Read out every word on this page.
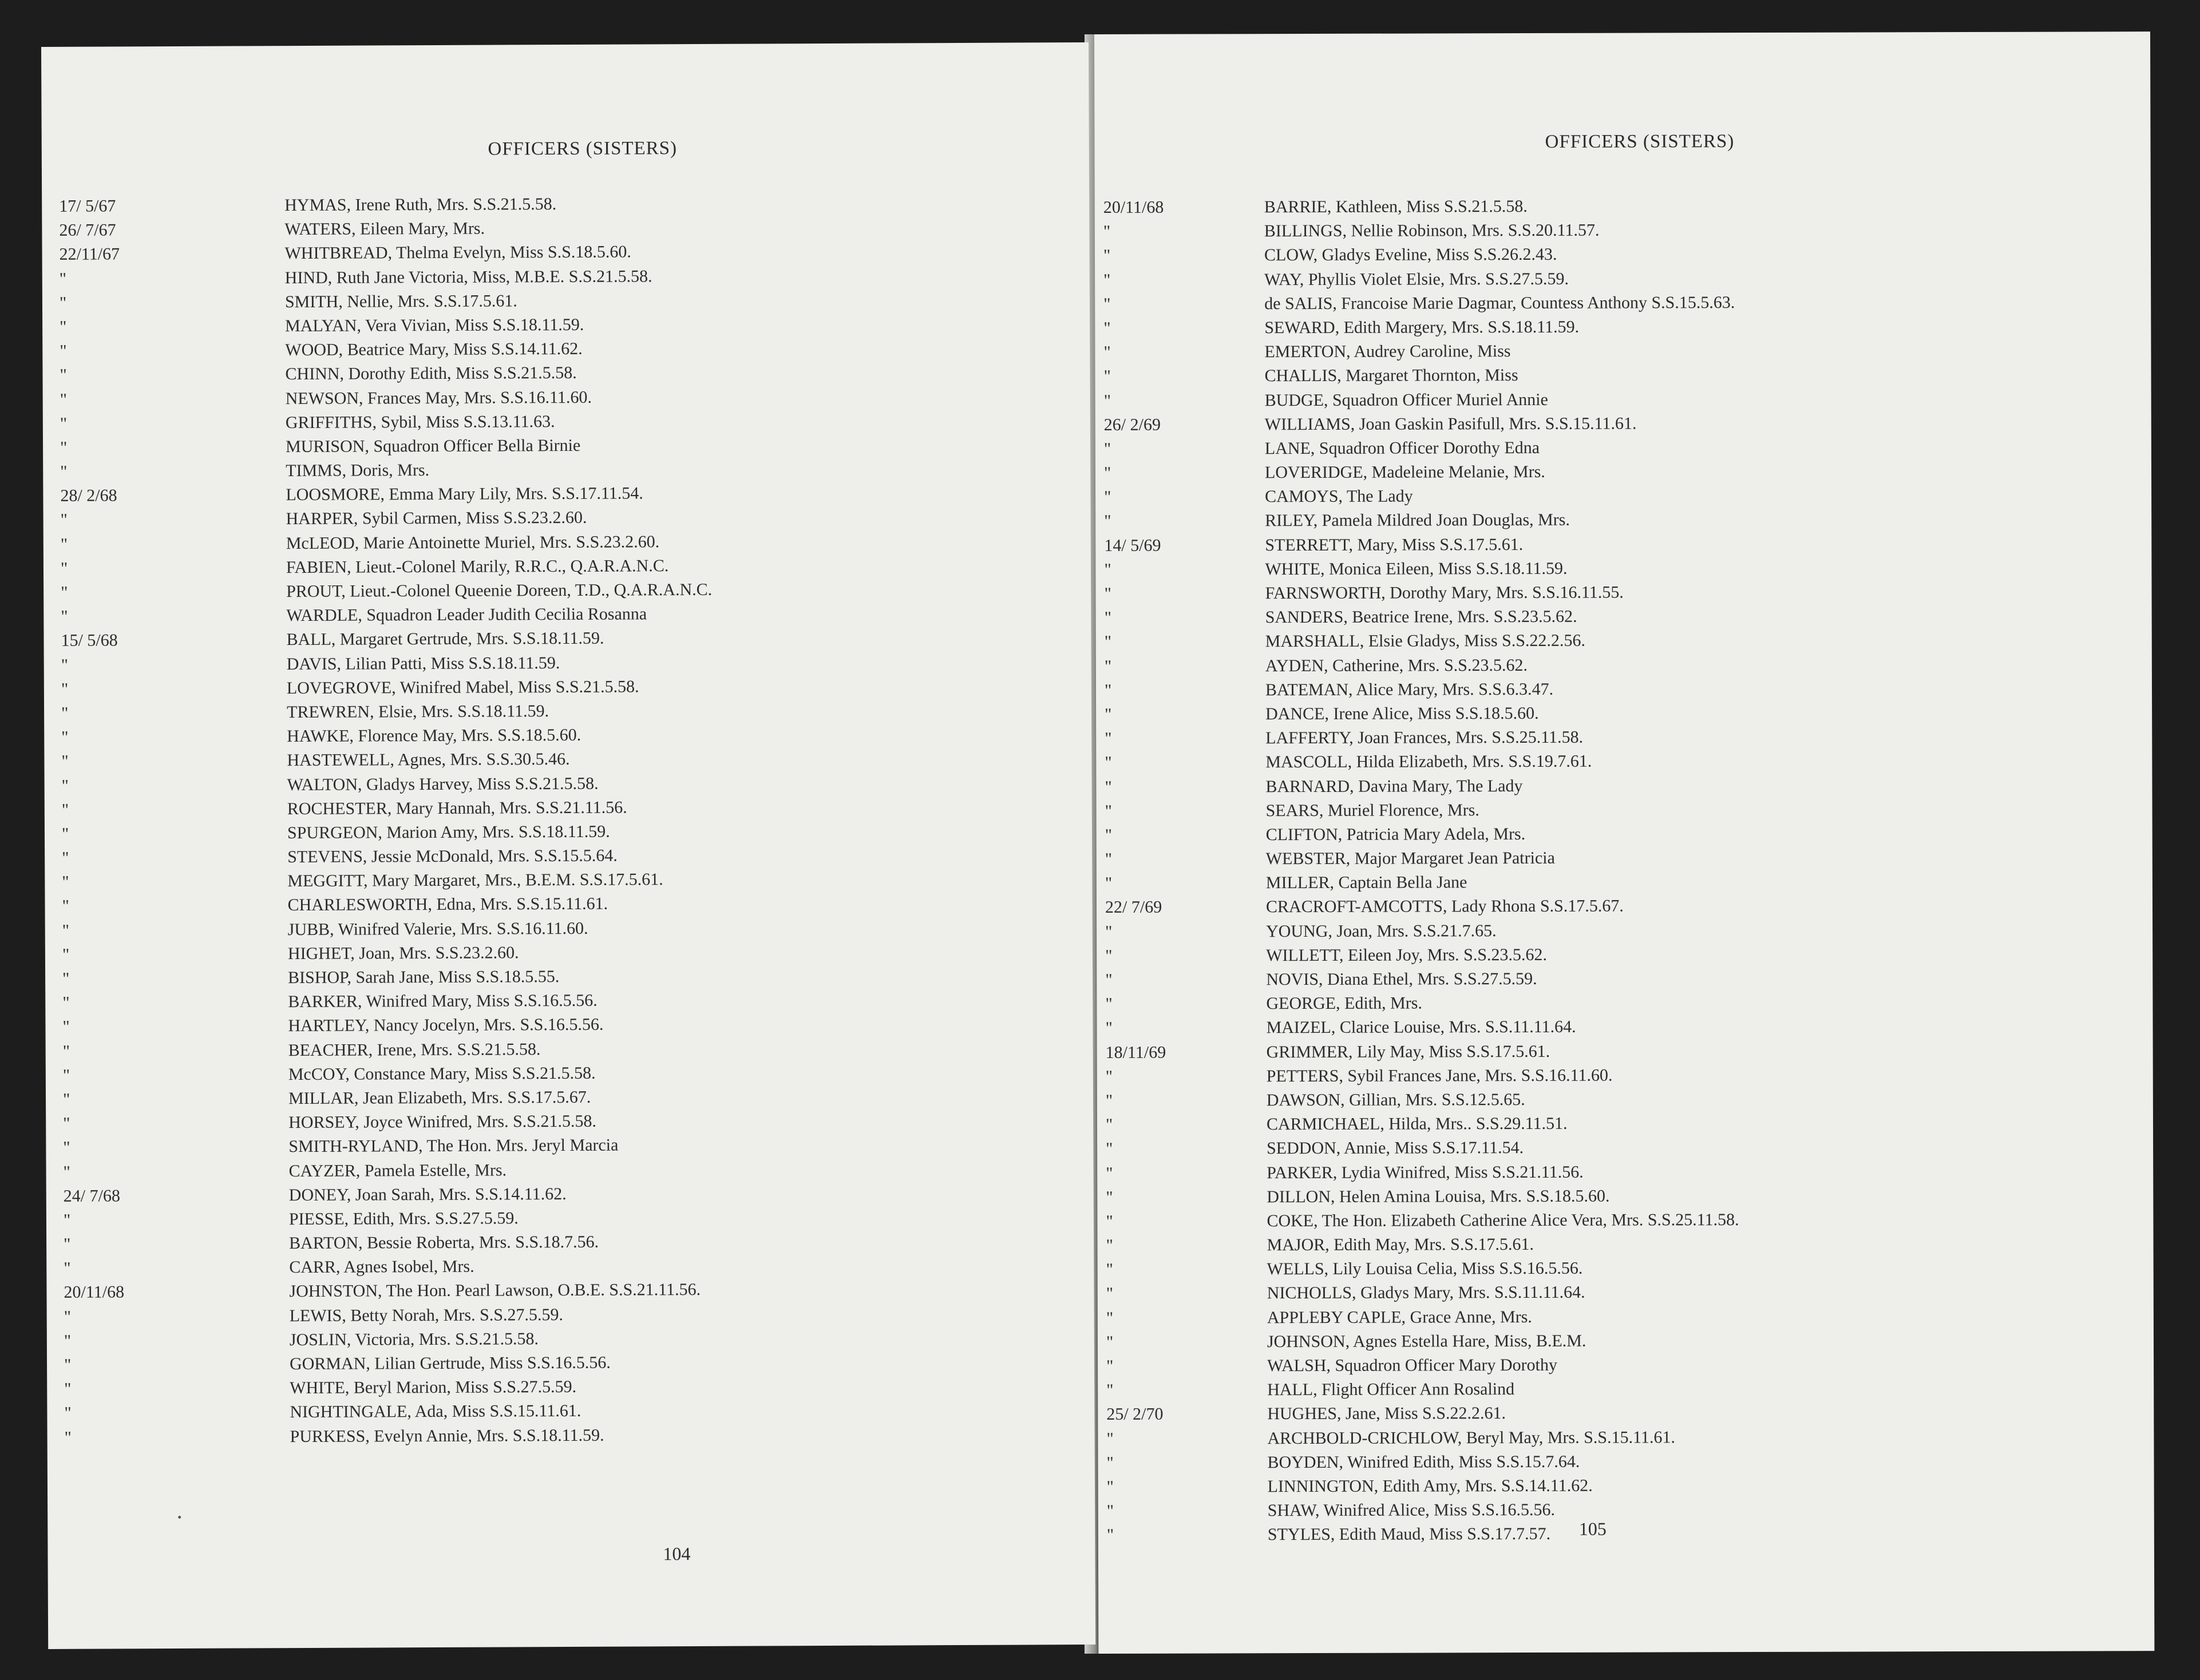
OFFICERS (SISTERS)
17/ 5/67	HYMAS, Irene Ruth, Mrs. S.S.21.5.58.
26/ 7/67	WATERS, Eileen Mary, Mrs.
22/11/67	WHITBREAD, Thelma Evelyn, Miss S.S.18.5.60.
"	HIND, Ruth Jane Victoria, Miss, M.B.E. S.S.21.5.58.
"	SMITH, Nellie, Mrs. S.S.17.5.61.
"	MALYAN, Vera Vivian, Miss S.S.18.11.59.
"	WOOD, Beatrice Mary, Miss S.S.14.11.62.
"	CHINN, Dorothy Edith, Miss S.S.21.5.58.
"	NEWSON, Frances May, Mrs. S.S.16.11.60.
"	GRIFFITHS, Sybil, Miss S.S.13.11.63.
"	MURISON, Squadron Officer Bella Birnie
"	TIMMS, Doris, Mrs.
28/ 2/68	LOOSMORE, Emma Mary Lily, Mrs. S.S.17.11.54.
"	HARPER, Sybil Carmen, Miss S.S.23.2.60.
"	McLEOD, Marie Antoinette Muriel, Mrs. S.S.23.2.60.
"	FABIEN, Lieut.-Colonel Marily, R.R.C., Q.A.R.A.N.C.
"	PROUT, Lieut.-Colonel Queenie Doreen, T.D., Q.A.R.A.N.C.
"	WARDLE, Squadron Leader Judith Cecilia Rosanna
15/ 5/68	BALL, Margaret Gertrude, Mrs. S.S.18.11.59.
"	DAVIS, Lilian Patti, Miss S.S.18.11.59.
"	LOVEGROVE, Winifred Mabel, Miss S.S.21.5.58.
"	TREWREN, Elsie, Mrs. S.S.18.11.59.
"	HAWKE, Florence May, Mrs. S.S.18.5.60.
"	HASTEWELL, Agnes, Mrs. S.S.30.5.46.
"	WALTON, Gladys Harvey, Miss S.S.21.5.58.
"	ROCHESTER, Mary Hannah, Mrs. S.S.21.11.56.
"	SPURGEON, Marion Amy, Mrs. S.S.18.11.59.
"	STEVENS, Jessie McDonald, Mrs. S.S.15.5.64.
"	MEGGITT, Mary Margaret, Mrs., B.E.M. S.S.17.5.61.
"	CHARLESWORTH, Edna, Mrs. S.S.15.11.61.
"	JUBB, Winifred Valerie, Mrs. S.S.16.11.60.
"	HIGHET, Joan, Mrs. S.S.23.2.60.
"	BISHOP, Sarah Jane, Miss S.S.18.5.55.
"	BARKER, Winifred Mary, Miss S.S.16.5.56.
"	HARTLEY, Nancy Jocelyn, Mrs. S.S.16.5.56.
"	BEACHER, Irene, Mrs. S.S.21.5.58.
"	McCOY, Constance Mary, Miss S.S.21.5.58.
"	MILLAR, Jean Elizabeth, Mrs. S.S.17.5.67.
"	HORSEY, Joyce Winifred, Mrs. S.S.21.5.58.
"	SMITH-RYLAND, The Hon. Mrs. Jeryl Marcia
"	CAYZER, Pamela Estelle, Mrs.
24/ 7/68	DONEY, Joan Sarah, Mrs. S.S.14.11.62.
"	PIESSE, Edith, Mrs. S.S.27.5.59.
"	BARTON, Bessie Roberta, Mrs. S.S.18.7.56.
"	CARR, Agnes Isobel, Mrs.
20/11/68	JOHNSTON, The Hon. Pearl Lawson, O.B.E. S.S.21.11.56.
"	LEWIS, Betty Norah, Mrs. S.S.27.5.59.
"	JOSLIN, Victoria, Mrs. S.S.21.5.58.
"	GORMAN, Lilian Gertrude, Miss S.S.16.5.56.
"	WHITE, Beryl Marion, Miss S.S.27.5.59.
"	NIGHTINGALE, Ada, Miss S.S.15.11.61.
"	PURKESS, Evelyn Annie, Mrs. S.S.18.11.59.
104
OFFICERS (SISTERS)
20/11/68	BARRIE, Kathleen, Miss S.S.21.5.58.
"	BILLINGS, Nellie Robinson, Mrs. S.S.20.11.57.
"	CLOW, Gladys Eveline, Miss S.S.26.2.43.
"	WAY, Phyllis Violet Elsie, Mrs. S.S.27.5.59.
"	de SALIS, Francoise Marie Dagmar, Countess Anthony S.S.15.5.63.
"	SEWARD, Edith Margery, Mrs. S.S.18.11.59.
"	EMERTON, Audrey Caroline, Miss
"	CHALLIS, Margaret Thornton, Miss
"	BUDGE, Squadron Officer Muriel Annie
26/ 2/69	WILLIAMS, Joan Gaskin Pasifull, Mrs. S.S.15.11.61.
"	LANE, Squadron Officer Dorothy Edna
"	LOVERIDGE, Madeleine Melanie, Mrs.
"	CAMOYS, The Lady
"	RILEY, Pamela Mildred Joan Douglas, Mrs.
14/ 5/69	STERRETT, Mary, Miss S.S.17.5.61.
"	WHITE, Monica Eileen, Miss S.S.18.11.59.
"	FARNSWORTH, Dorothy Mary, Mrs. S.S.16.11.55.
"	SANDERS, Beatrice Irene, Mrs. S.S.23.5.62.
"	MARSHALL, Elsie Gladys, Miss S.S.22.2.56.
"	AYDEN, Catherine, Mrs. S.S.23.5.62.
"	BATEMAN, Alice Mary, Mrs. S.S.6.3.47.
"	DANCE, Irene Alice, Miss S.S.18.5.60.
"	LAFFERTY, Joan Frances, Mrs. S.S.25.11.58.
"	MASCOLL, Hilda Elizabeth, Mrs. S.S.19.7.61.
"	BARNARD, Davina Mary, The Lady
"	SEARS, Muriel Florence, Mrs.
"	CLIFTON, Patricia Mary Adela, Mrs.
"	WEBSTER, Major Margaret Jean Patricia
"	MILLER, Captain Bella Jane
22/ 7/69	CRACROFT-AMCOTTS, Lady Rhona S.S.17.5.67.
"	YOUNG, Joan, Mrs. S.S.21.7.65.
"	WILLETT, Eileen Joy, Mrs. S.S.23.5.62.
"	NOVIS, Diana Ethel, Mrs. S.S.27.5.59.
"	GEORGE, Edith, Mrs.
"	MAIZEL, Clarice Louise, Mrs. S.S.11.11.64.
18/11/69	GRIMMER, Lily May, Miss S.S.17.5.61.
"	PETTERS, Sybil Frances Jane, Mrs. S.S.16.11.60.
"	DAWSON, Gillian, Mrs. S.S.12.5.65.
"	CARMICHAEL, Hilda, Mrs.. S.S.29.11.51.
"	SEDDON, Annie, Miss S.S.17.11.54.
"	PARKER, Lydia Winifred, Miss S.S.21.11.56.
"	DILLON, Helen Amina Louisa, Mrs. S.S.18.5.60.
"	COKE, The Hon. Elizabeth Catherine Alice Vera, Mrs. S.S.25.11.58.
"	MAJOR, Edith May, Mrs. S.S.17.5.61.
"	WELLS, Lily Louisa Celia, Miss S.S.16.5.56.
"	NICHOLLS, Gladys Mary, Mrs. S.S.11.11.64.
"	APPLEBY CAPLE, Grace Anne, Mrs.
"	JOHNSON, Agnes Estella Hare, Miss, B.E.M.
"	WALSH, Squadron Officer Mary Dorothy
"	HALL, Flight Officer Ann Rosalind
25/ 2/70	HUGHES, Jane, Miss S.S.22.2.61.
"	ARCHBOLD-CRICHLOW, Beryl May, Mrs. S.S.15.11.61.
"	BOYDEN, Winifred Edith, Miss S.S.15.7.64.
"	LINNINGTON, Edith Amy, Mrs. S.S.14.11.62.
"	SHAW, Winifred Alice, Miss S.S.16.5.56.
"	STYLES, Edith Maud, Miss S.S.17.7.57. 105
